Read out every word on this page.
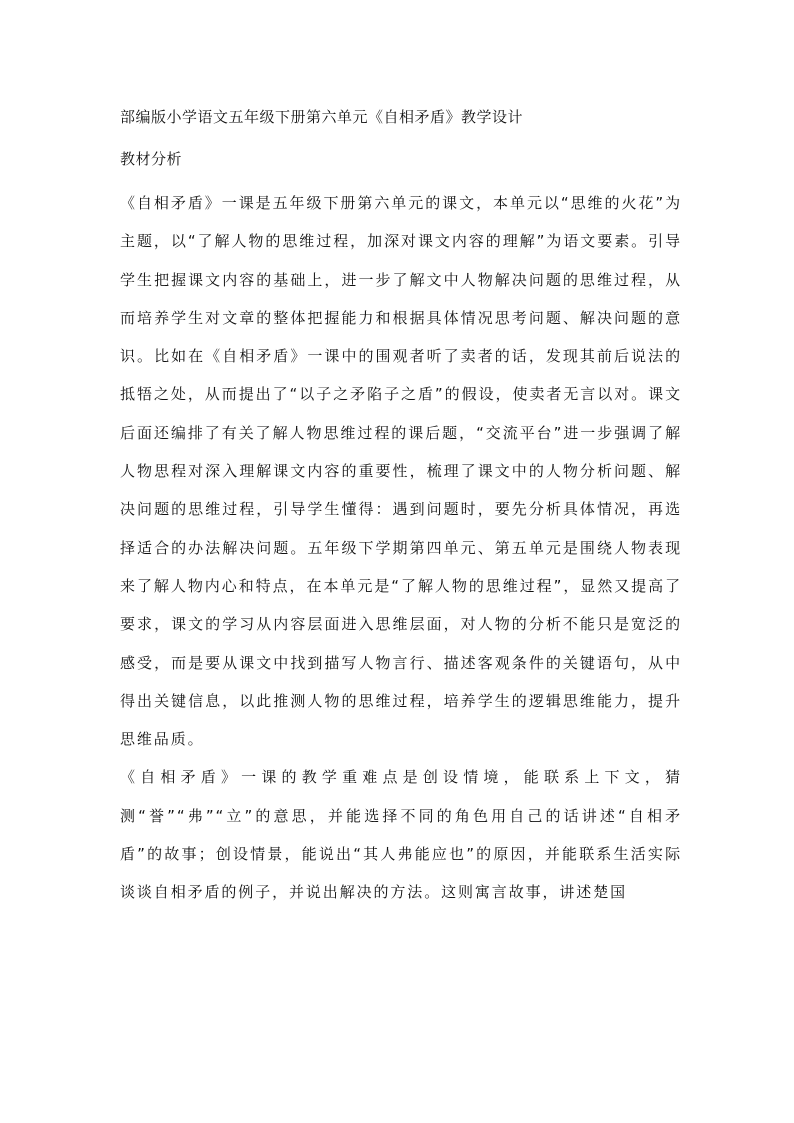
部编版小学语文五年级下册第六单元《自相矛盾》教学设计
教材分析

《自相矛盾》一课是五年级下册第六单元的课文，本单元以“思维的火花”为主题，以“了解人物的思维过程，加深对课文内容的理解”为语文要素。引导学生把握课文内容的基础上，进一步了解文中人物解决问题的思维过程，从而培养学生对文章的整体把握能力和根据具体情况思考问题、解决问题的意识。比如在《自相矛盾》一课中的围观者听了卖者的话，发现其前后说法的抵牾之处，从而提出了“以子之矛陷子之盾”的假设，使卖者无言以对。课文后面还编排了有关了解人物思维过程的课后题，“交流平台”进一步强调了解人物思程对深入理解课文内容的重要性，梳理了课文中的人物分析问题、解决问题的思维过程，引导学生懂得：遇到问题时，要先分析具体情况，再选择适合的办法解决问题。五年级下学期第四单元、第五单元是围绕人物表现来了解人物内心和特点，在本单元是“了解人物的思维过程”，显然又提高了要求，课文的学习从内容层面进入思维层面，对人物的分析不能只是宽泛的感受，而是要从课文中找到描写人物言行、描述客观条件的关键语句，从中得出关键信息，以此推测人物的思维过程，培养学生的逻辑思维能力，提升思维品质。

《自相矛盾》一课的教学重难点是创设情境，能联系上下文，猜测“誉”“弗”“立”的意思，并能选择不同的角色用自己的话讲述“自相矛盾”的故事；创设情景，能说出“其人弗能应也”的原因，并能联系生活实际谈谈自相矛盾的例子，并说出解决的方法。这则寓言故事，讲述楚国
